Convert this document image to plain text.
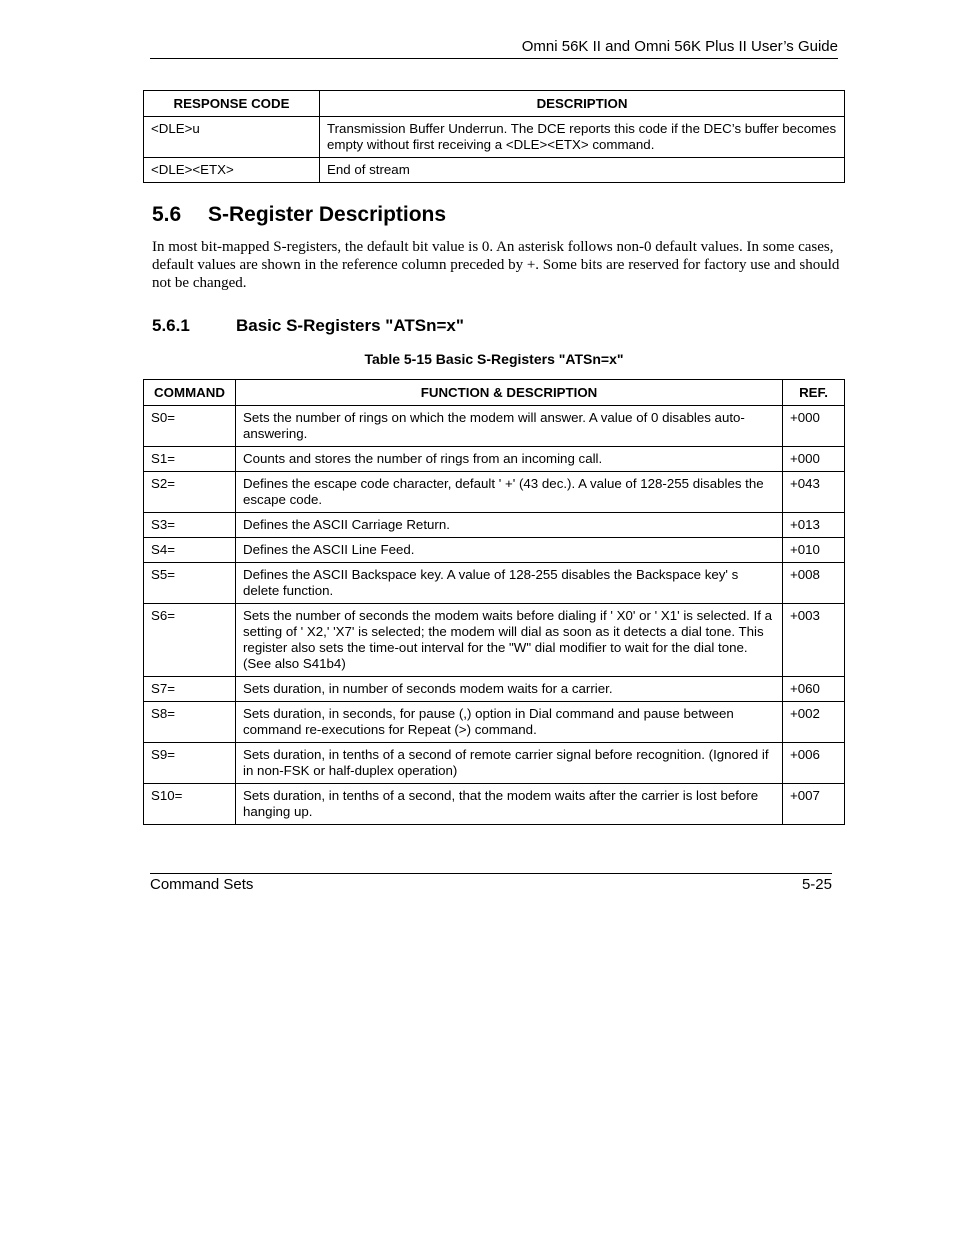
Omni 56K II and Omni 56K Plus II User’s Guide
RESPONSE CODE	DESCRIPTION
<DLE>u	Transmission Buffer Underrun. The DCE reports this code if the DEC’s buffer becomes empty without first receiving a <DLE><ETX> command.
<DLE><ETX>	End of stream
5.6 S-Register Descriptions

In most bit-mapped S-registers, the default bit value is 0. An asterisk follows non-0 default values. In some cases, default values are shown in the reference column preceded by +. Some bits are reserved for factory use and should not be changed.

5.6.1	Basic S-Registers "ATSn=x"
Table 5-15 Basic S-Registers "ATSn=x"
COMMAND	FUNCTION & DESCRIPTION	REF.
S0=	Sets the number of rings on which the modem will answer. A value of 0 disables auto-answering.	+000
S1=	Counts and stores the number of rings from an incoming call.	+000
S2=	Defines the escape code character, default ' +' (43 dec.). A value of 128-255 disables the escape code.	+043
S3=	Defines the ASCII Carriage Return.	+013
S4=	Defines the ASCII Line Feed.	+010
S5=	Defines the ASCII Backspace key. A value of 128-255 disables the Backspace key' s delete function.	+008
S6=	Sets the number of seconds the modem waits before dialing if ' X0' or ' X1' is selected. If a setting of ' X2,' 'X7' is selected; the modem will dial as soon as it detects a dial tone. This register also sets the time-out interval for the "W" dial modifier to wait for the dial tone. (See also S41b4)	+003
S7=	Sets duration, in number of seconds modem waits for a carrier.	+060
S8=	Sets duration, in seconds, for pause (,) option in Dial command and pause between command re-executions for Repeat (>) command.	+002
S9=	Sets duration, in tenths of a second of remote carrier signal before recognition. (Ignored if in non-FSK or half-duplex operation)	+006
S10=	Sets duration, in tenths of a second, that the modem waits after the carrier is lost before hanging up.	+007
Command Sets	5-25
